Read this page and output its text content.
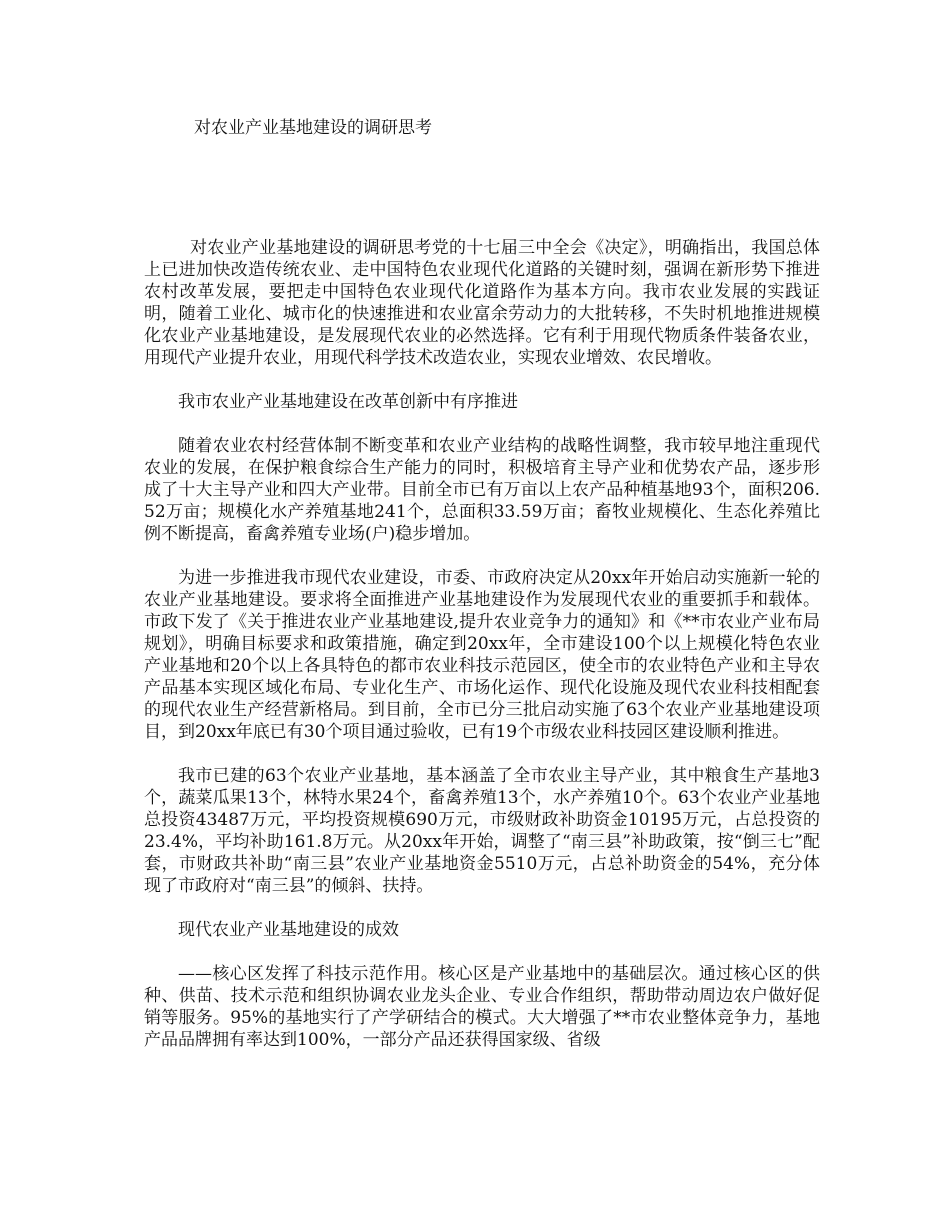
对农业产业基地建设的调研思考

对农业产业基地建设的调研思考党的十七届三中全会《决定》，明确指出，我国总体上已进加快改造传统农业、走中国特色农业现代化道路的关键时刻，强调在新形势下推进农村改革发展，要把走中国特色农业现代化道路作为基本方向。我市农业发展的实践证明，随着工业化、城市化的快速推进和农业富余劳动力的大批转移，不失时机地推进规模化农业产业基地建设，是发展现代农业的必然选择。它有利于用现代物质条件装备农业，用现代产业提升农业，用现代科学技术改造农业，实现农业增效、农民增收。

我市农业产业基地建设在改革创新中有序推进

随着农业农村经营体制不断变革和农业产业结构的战略性调整，我市较早地注重现代农业的发展，在保护粮食综合生产能力的同时，积极培育主导产业和优势农产品，逐步形成了十大主导产业和四大产业带。目前全市已有万亩以上农产品种植基地93个，面积206.52万亩；规模化水产养殖基地241个，总面积33.59万亩；畜牧业规模化、生态化养殖比例不断提高，畜禽养殖专业场(户)稳步增加。

为进一步推进我市现代农业建设，市委、市政府决定从20xx年开始启动实施新一轮的农业产业基地建设。要求将全面推进产业基地建设作为发展现代农业的重要抓手和载体。市政下发了《关于推进农业产业基地建设,提升农业竞争力的通知》和《**市农业产业布局规划》，明确目标要求和政策措施，确定到20xx年，全市建设100个以上规模化特色农业产业基地和20个以上各具特色的都市农业科技示范园区，使全市的农业特色产业和主导农产品基本实现区域化布局、专业化生产、市场化运作、现代化设施及现代农业科技相配套的现代农业生产经营新格局。到目前，全市已分三批启动实施了63个农业产业基地建设项目，到20xx年底已有30个项目通过验收，已有19个市级农业科技园区建设顺利推进。

我市已建的63个农业产业基地，基本涵盖了全市农业主导产业，其中粮食生产基地3个，蔬菜瓜果13个，林特水果24个，畜禽养殖13个，水产养殖10个。63个农业产业基地总投资43487万元，平均投资规模690万元，市级财政补助资金10195万元，占总投资的23.4%，平均补助161.8万元。从20xx年开始，调整了“南三县”补助政策，按“倒三七”配套，市财政共补助“南三县”农业产业基地资金5510万元，占总补助资金的54%，充分体现了市政府对“南三县”的倾斜、扶持。

现代农业产业基地建设的成效

——核心区发挥了科技示范作用。核心区是产业基地中的基础层次。通过核心区的供种、供苗、技术示范和组织协调农业龙头企业、专业合作组织，帮助带动周边农户做好促销等服务。95%的基地实行了产学研结合的模式。大大增强了**市农业整体竞争力，基地产品品牌拥有率达到100%，一部分产品还获得国家级、省级
